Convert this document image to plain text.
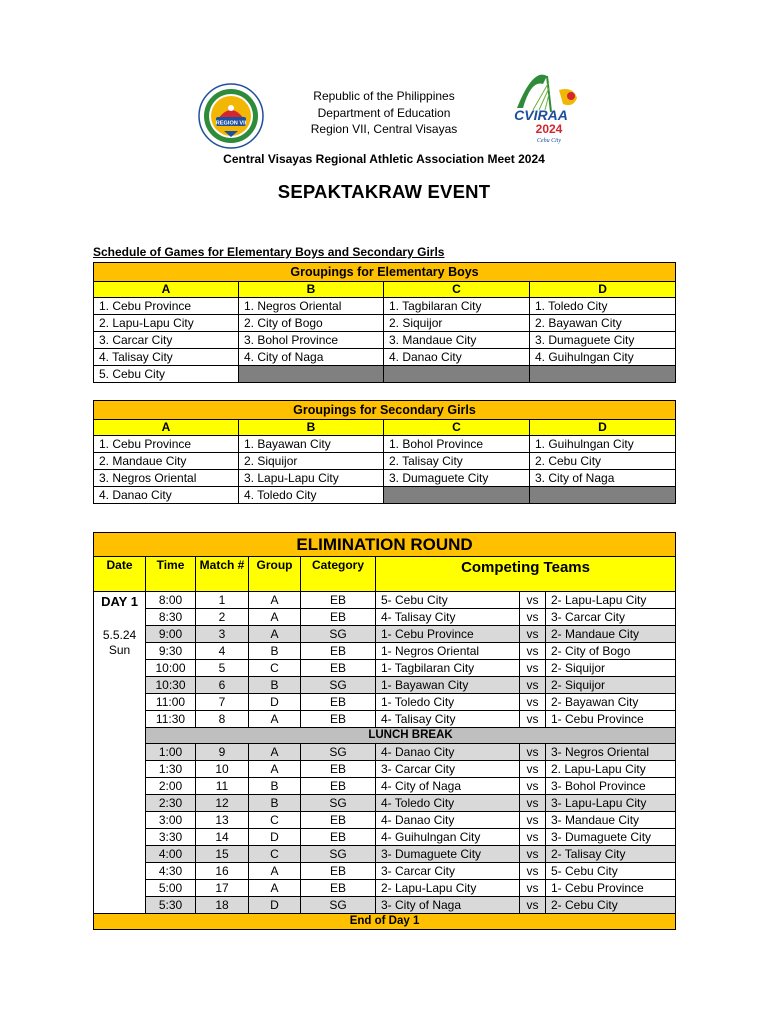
REGION VII
Republic of the Philippines
Department of Education
Region VII, Central Visayas
CVIRAA
2024
Cebu City
Central Visayas Regional Athletic Association Meet 2024
SEPAKTAKRAW EVENT
Schedule of Games for Elementary Boys and Secondary Girls
Groupings for Elementary Boys			
A	B	C	D
1. Cebu Province	1. Negros Oriental	1. Tagbilaran City	1. Toledo City
2. Lapu-Lapu City	2. City of Bogo	2. Siquijor	2. Bayawan City
3. Carcar City	3. Bohol Province	3. Mandaue City	3. Dumaguete City
4. Talisay City	4. City of Naga	4. Danao City	4. Guihulngan City
5. Cebu City			
Groupings for Secondary Girls			
A	B	C	D
1. Cebu Province	1. Bayawan City	1. Bohol Province	1. Guihulngan City
2. Mandaue City	2. Siquijor	2. Talisay City	2. Cebu City
3. Negros Oriental	3. Lapu-Lapu City	3. Dumaguete City	3. City of Naga
4. Danao City	4. Toledo City		
ELIMINATION ROUND							
Date	Time	Match #	Group	Category	Competing Teams		

DAY 1
5.5.24
Sun	8:00	1	A	EB	5- Cebu City	vs	2- Lapu-Lapu City
	8:30	2	A	EB	4- Talisay City	vs	3- Carcar City
	9:00	3	A	SG	1- Cebu Province	vs	2- Mandaue City
	9:30	4	B	EB	1- Negros Oriental	vs	2- City of Bogo
	10:00	5	C	EB	1- Tagbilaran City	vs	2- Siquijor
	10:30	6	B	SG	1- Bayawan City	vs	2- Siquijor
	11:00	7	D	EB	1- Toledo City	vs	2- Bayawan City
	11:30	8	A	EB	4- Talisay City	vs	1- Cebu Province
	LUNCH BREAK						
	1:00	9	A	SG	4- Danao City	vs	3- Negros Oriental
	1:30	10	A	EB	3- Carcar City	vs	2. Lapu-Lapu City
	2:00	11	B	EB	4- City of Naga	vs	3- Bohol Province
	2:30	12	B	SG	4- Toledo City	vs	3- Lapu-Lapu City
	3:00	13	C	EB	4- Danao City	vs	3- Mandaue City
	3:30	14	D	EB	4- Guihulngan City	vs	3- Dumaguete City
	4:00	15	C	SG	3- Dumaguete City	vs	2- Talisay City
	4:30	16	A	EB	3- Carcar City	vs	5- Cebu City
	5:00	17	A	EB	2- Lapu-Lapu City	vs	1- Cebu Province
	5:30	18	D	SG	3- City of Naga	vs	2- Cebu City
End of Day 1							
